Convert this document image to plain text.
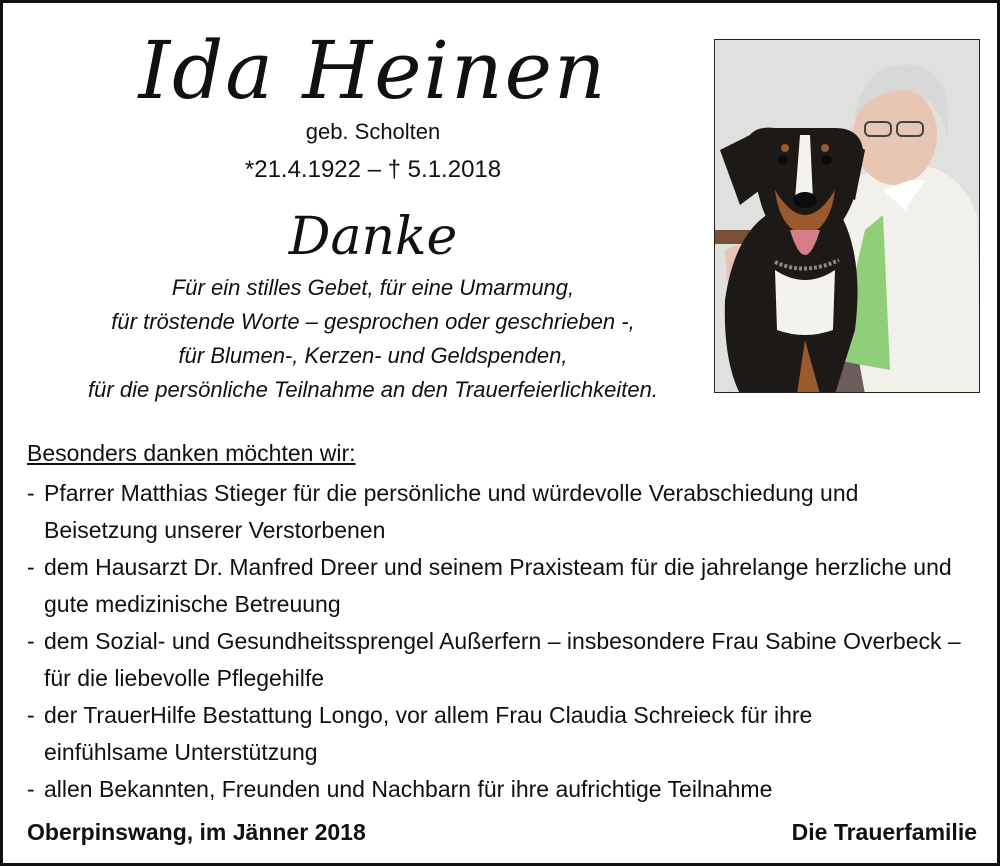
Ida Heinen
geb. Scholten
*21.4.1922 – † 5.1.2018
Danke
Für ein stilles Gebet, für eine Umarmung,
für tröstende Worte – gesprochen oder geschrieben -,
für Blumen-, Kerzen- und Geldspenden,
für die persönliche Teilnahme an den Trauerfeierlichkeiten.
Besonders danken möchten wir:
- Pfarrer Matthias Stieger für die persönliche und würdevolle Verabschiedung und
Beisetzung unserer Verstorbenen
- dem Hausarzt Dr. Manfred Dreer und seinem Praxisteam für die jahrelange herzliche und
gute medizinische Betreuung
- dem Sozial- und Gesundheitssprengel Außerfern – insbesondere Frau Sabine Overbeck –
für die liebevolle Pflegehilfe
- der TrauerHilfe Bestattung Longo, vor allem Frau Claudia Schreieck für ihre
einfühlsame Unterstützung
- allen Bekannten, Freunden und Nachbarn für ihre aufrichtige Teilnahme
Oberpinswang, im Jänner 2018	Die Trauerfamilie
